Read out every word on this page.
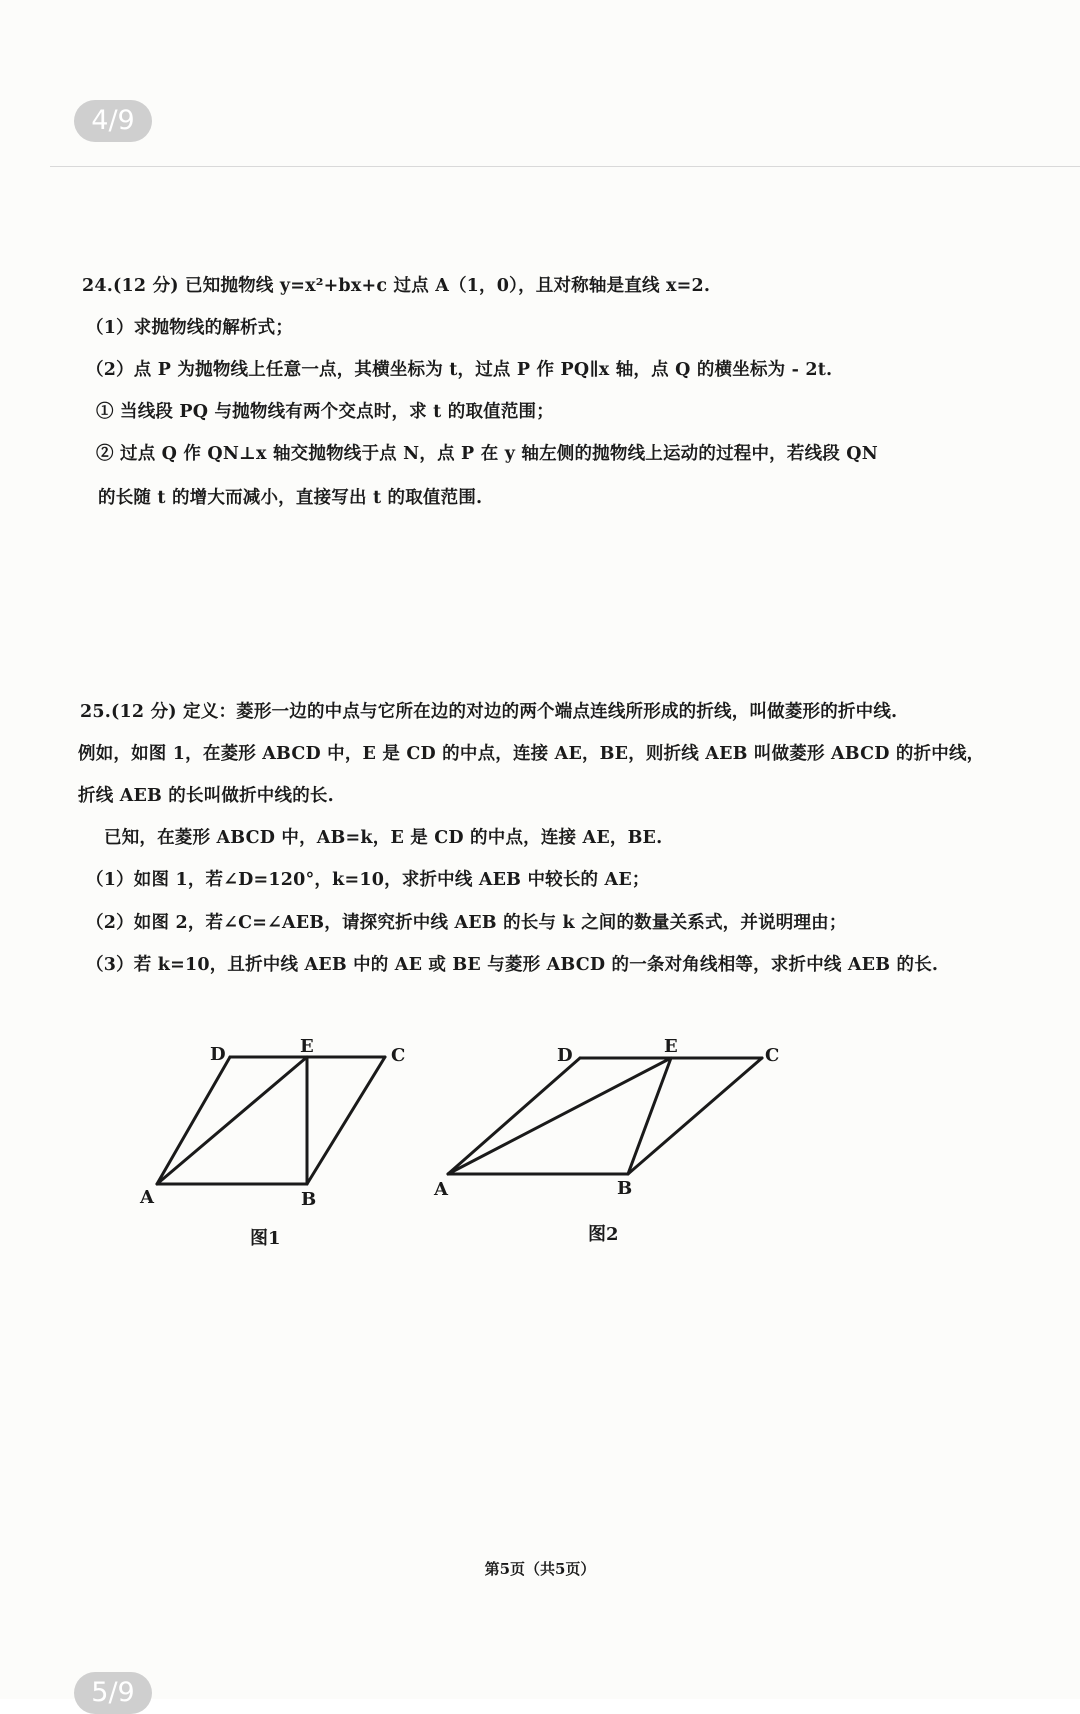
4/9
24.(12 分) 已知抛物线 y=x²+bx+c 过点 A（1，0），且对称轴是直线 x=2.
（1）求抛物线的解析式；
（2）点 P 为抛物线上任意一点，其横坐标为 t，过点 P 作 PQ∥x 轴，点 Q 的横坐标为 - 2t.
① 当线段 PQ 与抛物线有两个交点时，求 t 的取值范围；
② 过点 Q 作 QN⊥x 轴交抛物线于点 N，点 P 在 y 轴左侧的抛物线上运动的过程中，若线段 QN
的长随 t 的增大而减小，直接写出 t 的取值范围.
25.(12 分) 定义：菱形一边的中点与它所在边的对边的两个端点连线所形成的折线，叫做菱形的折中线.
例如，如图 1，在菱形 ABCD 中，E 是 CD 的中点，连接 AE，BE，则折线 AEB 叫做菱形 ABCD 的折中线，
折线 AEB 的长叫做折中线的长.
已知，在菱形 ABCD 中，AB=k，E 是 CD 的中点，连接 AE，BE.
（1）如图 1，若∠D=120°，k=10，求折中线 AEB 中较长的 AE；
（2）如图 2，若∠C=∠AEB，请探究折中线 AEB 的长与 k 之间的数量关系式，并说明理由；
（3）若 k=10，且折中线 AEB 中的 AE 或 BE 与菱形 ABCD 的一条对角线相等，求折中线 AEB 的长.
D	E	C
A	B
图1
D	E	C
A	B
图2
第5页（共5页）
5/9
